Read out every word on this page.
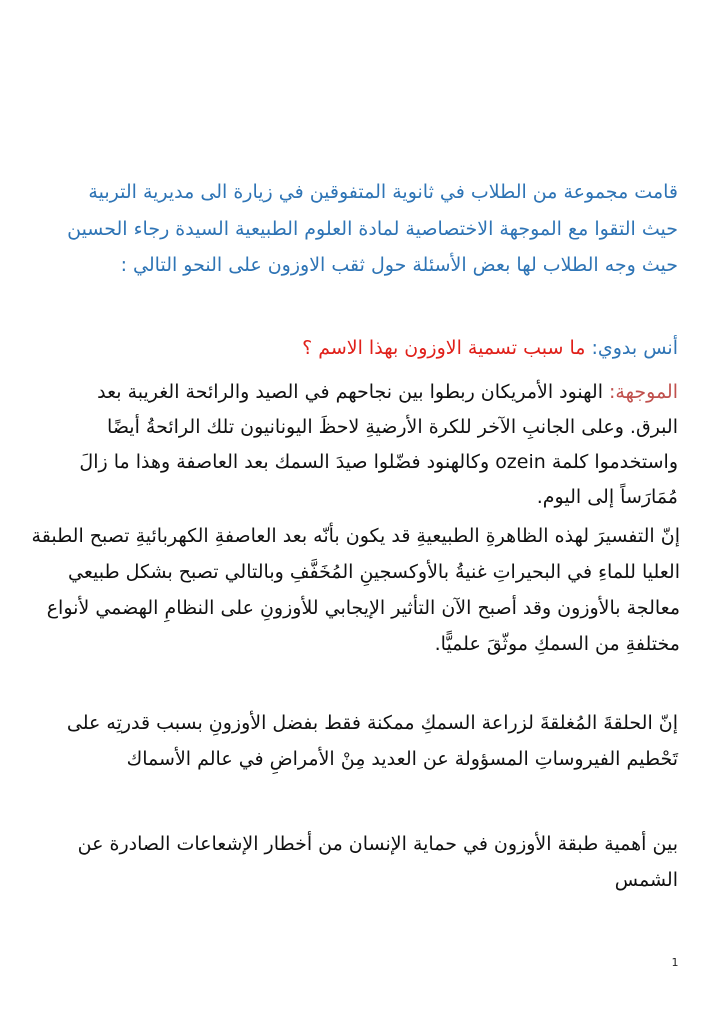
قامت مجموعة من الطلاب في ثانوية المتفوقين في زيارة الى مديرية التربية حيث التقوا مع الموجهة الاختصاصية لمادة العلوم الطبيعية السيدة رجاء الحسين حيث وجه الطلاب لها بعض الأسئلة حول ثقب الاوزون على النحو التالي :

أنس بدوي: ما سبب تسمية الاوزون بهذا الاسم ؟

الموجهة: الهنود الأمريكان ربطوا بين نجاحهم في الصيد والرائحة الغريبة بعد البرق. وعلى الجانبِ الآخر للكرة الأرضيةِ لاحظَ اليونانيون تلك الرائحةُ أيضًا واستخدموا كلمة ozein وكالهنود فضّلوا صيدَ السمك بعد العاصفة وهذا ما زالَ مُمَارَساً إلى اليوم.

إنّ التفسيرَ لهذه الظاهرةِ الطبيعيةِ قد يكون بأنّه بعد العاصفةِ الكهربائيةِ تصبح الطبقة العليا للماءِ في البحيراتِ غنيةُ بالأوكسجينِ المُخَفَّفِ وبالتالي تصبح بشكل طبيعي معالجة بالأوزون وقد أصبح الآن التأثير الإيجابي للأوزونِ على النظامِ الهضمي لأنواع مختلفةِ من السمكِ موثّقَ علميًّا.

إنّ الحلقةَ المُغلقةَ لزراعة السمكِ ممكنة فقط بفضل الأوزونِ بسبب قدرتِه على تَحْطيم الفيروساتِ المسؤولة عن العديد مِنْ الأمراضِ في عالم الأسماك

بين أهمية طبقة الأوزون في حماية الإنسان من أخطار الإشعاعات الصادرة عن الشمس

1
